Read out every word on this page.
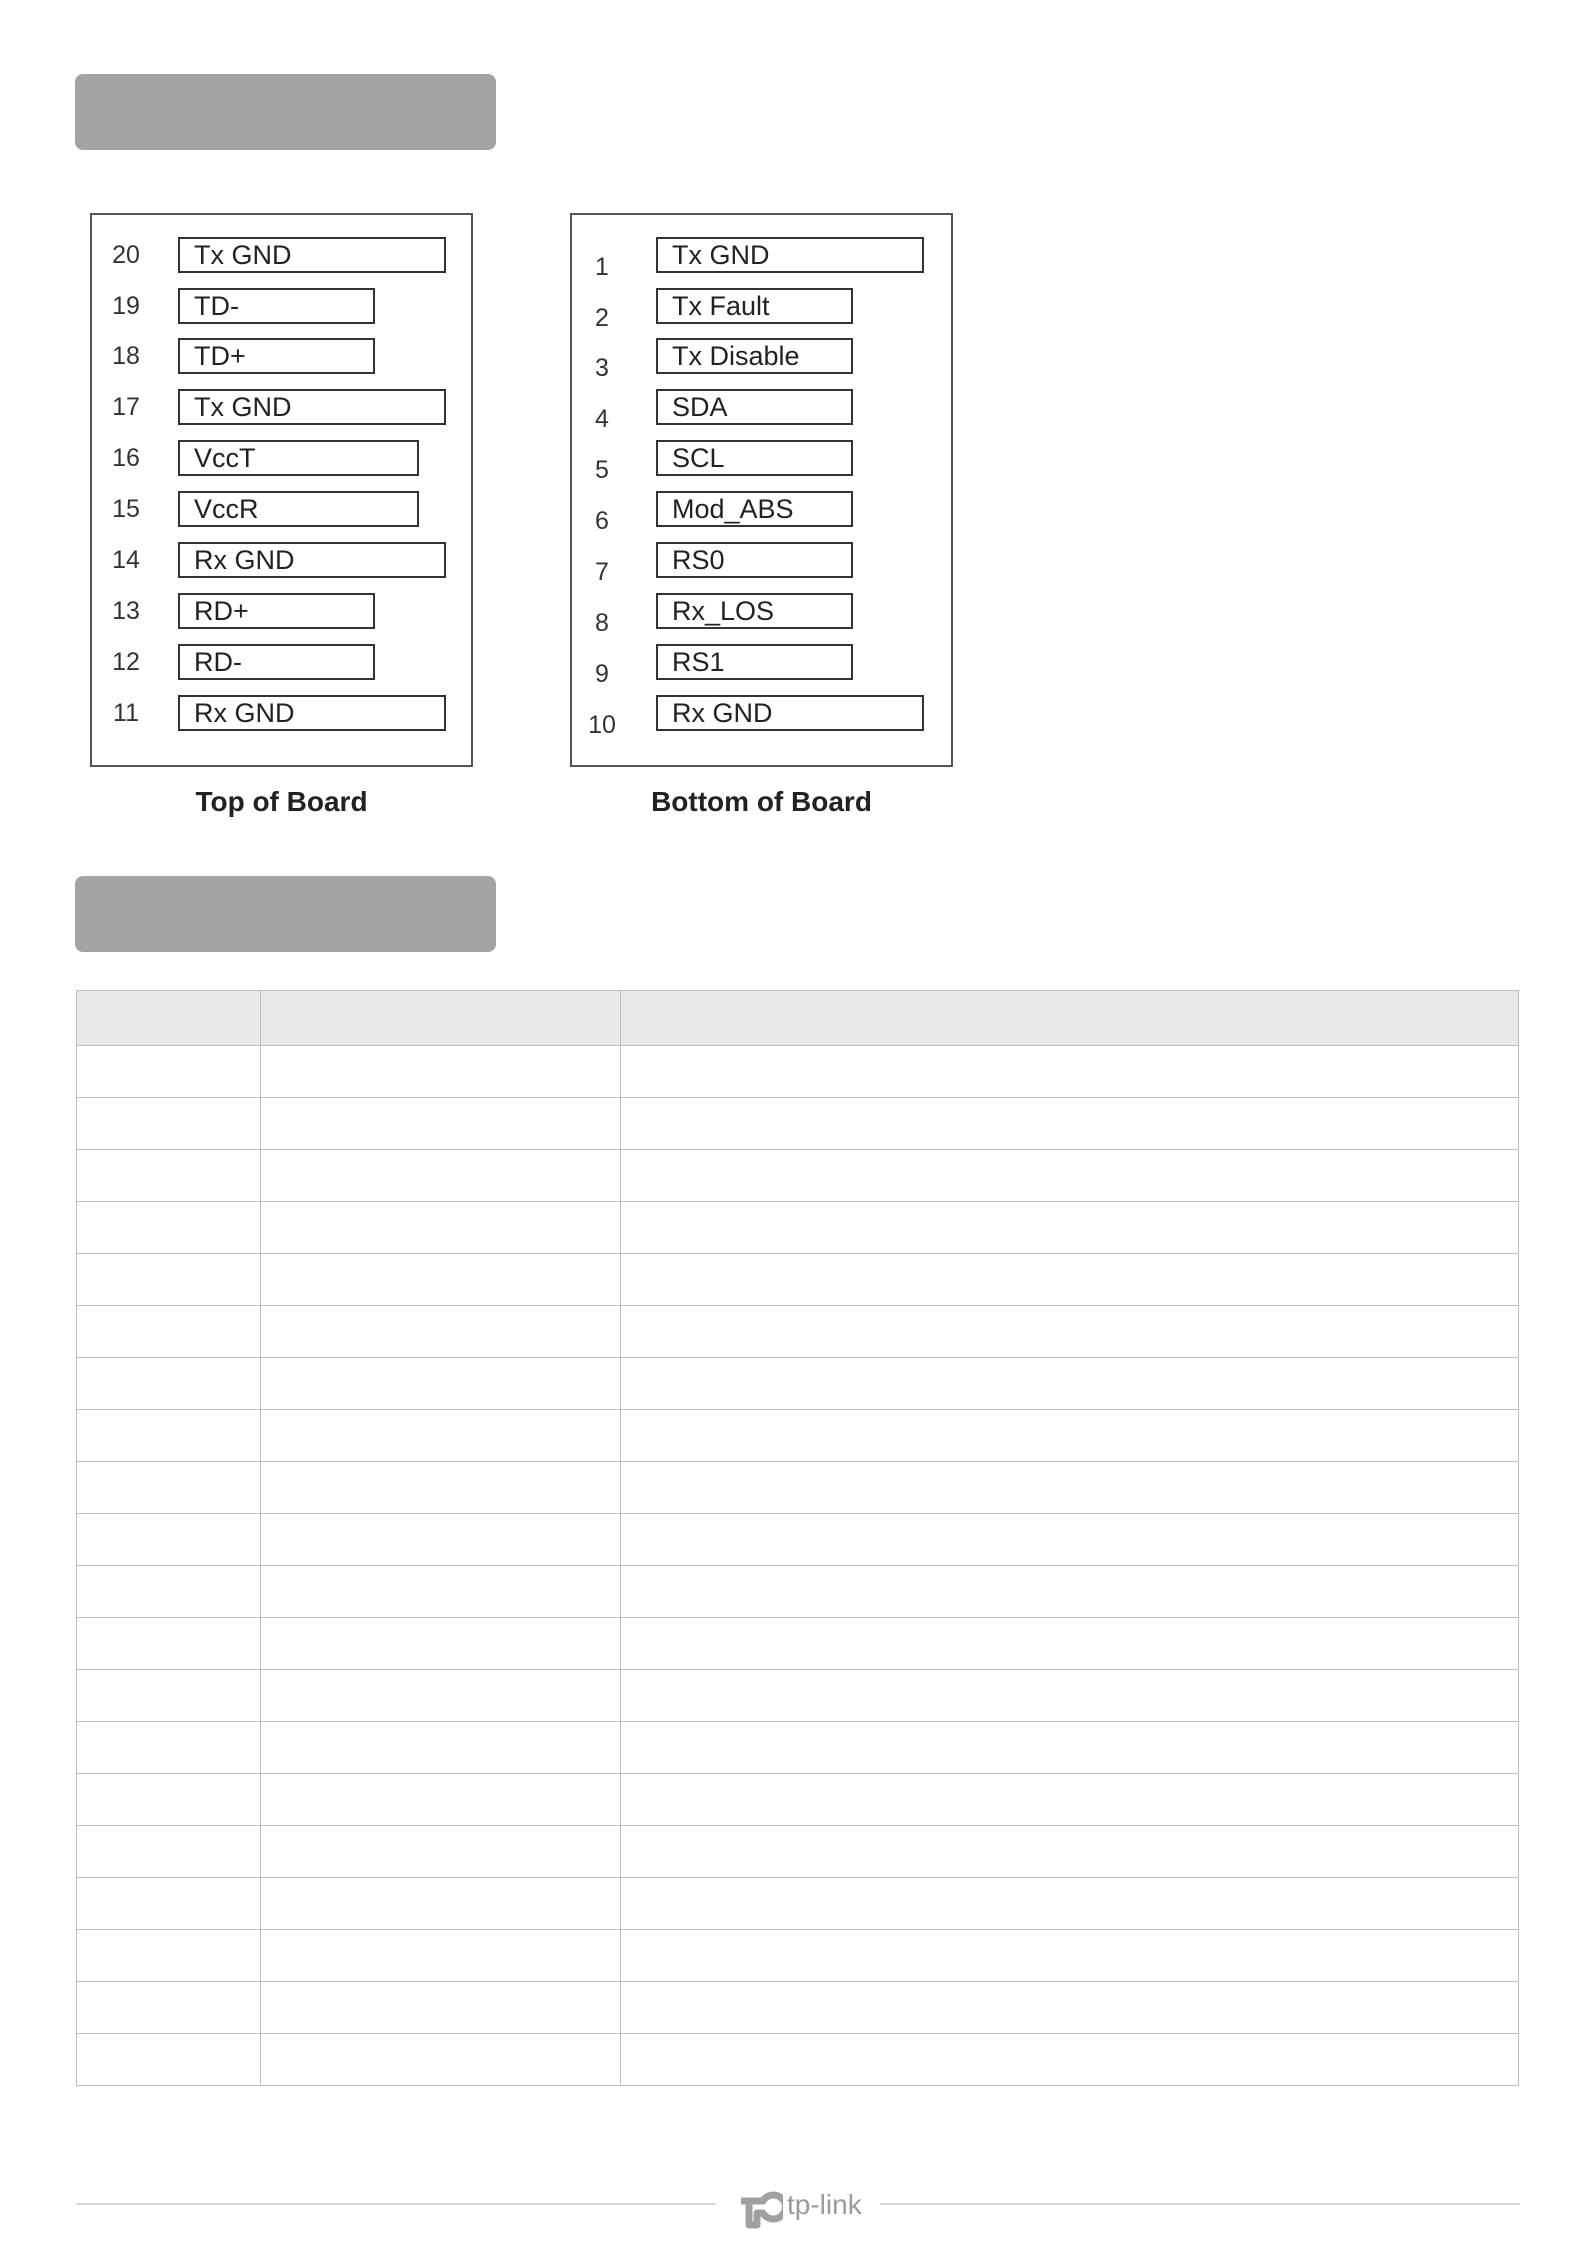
20	Tx GND
19	TD-
18	TD+
17	Tx GND
16	VccT
15	VccR
14	Rx GND
13	RD+
12	RD-
11	Rx GND
1	Tx GND
2	Tx Fault
3	Tx Disable
4	SDA
5	SCL
6	Mod_ABS
7	RS0
8	Rx_LOS
9	RS1
10	Rx GND
Top of Board	Bottom of Board

tp-link
